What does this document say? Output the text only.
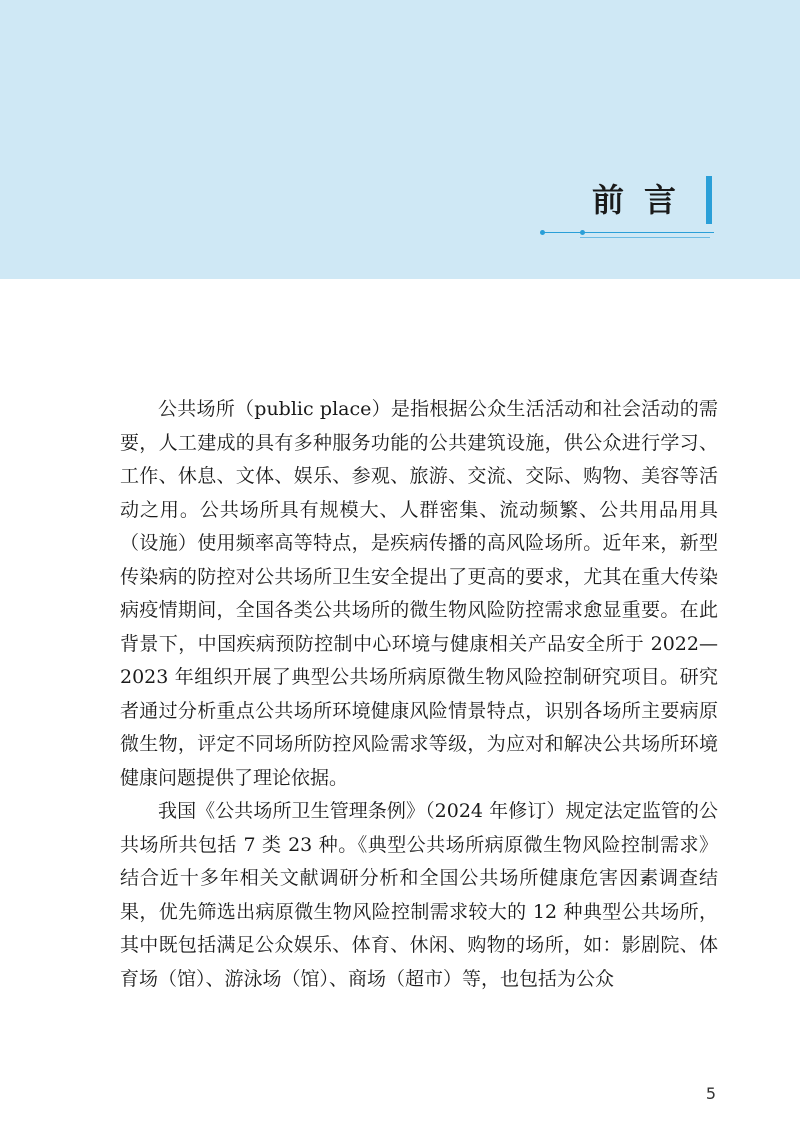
前言

公共场所（public place）是指根据公众生活活动和社会活动的需要，人工建成的具有多种服务功能的公共建筑设施，供公众进行学习、工作、休息、文体、娱乐、参观、旅游、交流、交际、购物、美容等活动之用。公共场所具有规模大、人群密集、流动频繁、公共用品用具（设施）使用频率高等特点，是疾病传播的高风险场所。近年来，新型传染病的防控对公共场所卫生安全提出了更高的要求，尤其在重大传染病疫情期间，全国各类公共场所的微生物风险防控需求愈显重要。在此背景下，中国疾病预防控制中心环境与健康相关产品安全所于 2022—2023 年组织开展了典型公共场所病原微生物风险控制研究项目。研究者通过分析重点公共场所环境健康风险情景特点，识别各场所主要病原微生物，评定不同场所防控风险需求等级，为应对和解决公共场所环境健康问题提供了理论依据。

我国《公共场所卫生管理条例》（2024 年修订）规定法定监管的公共场所共包括 7 类 23 种。《典型公共场所病原微生物风险控制需求》结合近十多年相关文献调研分析和全国公共场所健康危害因素调查结果，优先筛选出病原微生物风险控制需求较大的 12 种典型公共场所，其中既包括满足公众娱乐、体育、休闲、购物的场所，如：影剧院、体育场（馆）、游泳场（馆）、商场（超市）等，也包括为公众

5
